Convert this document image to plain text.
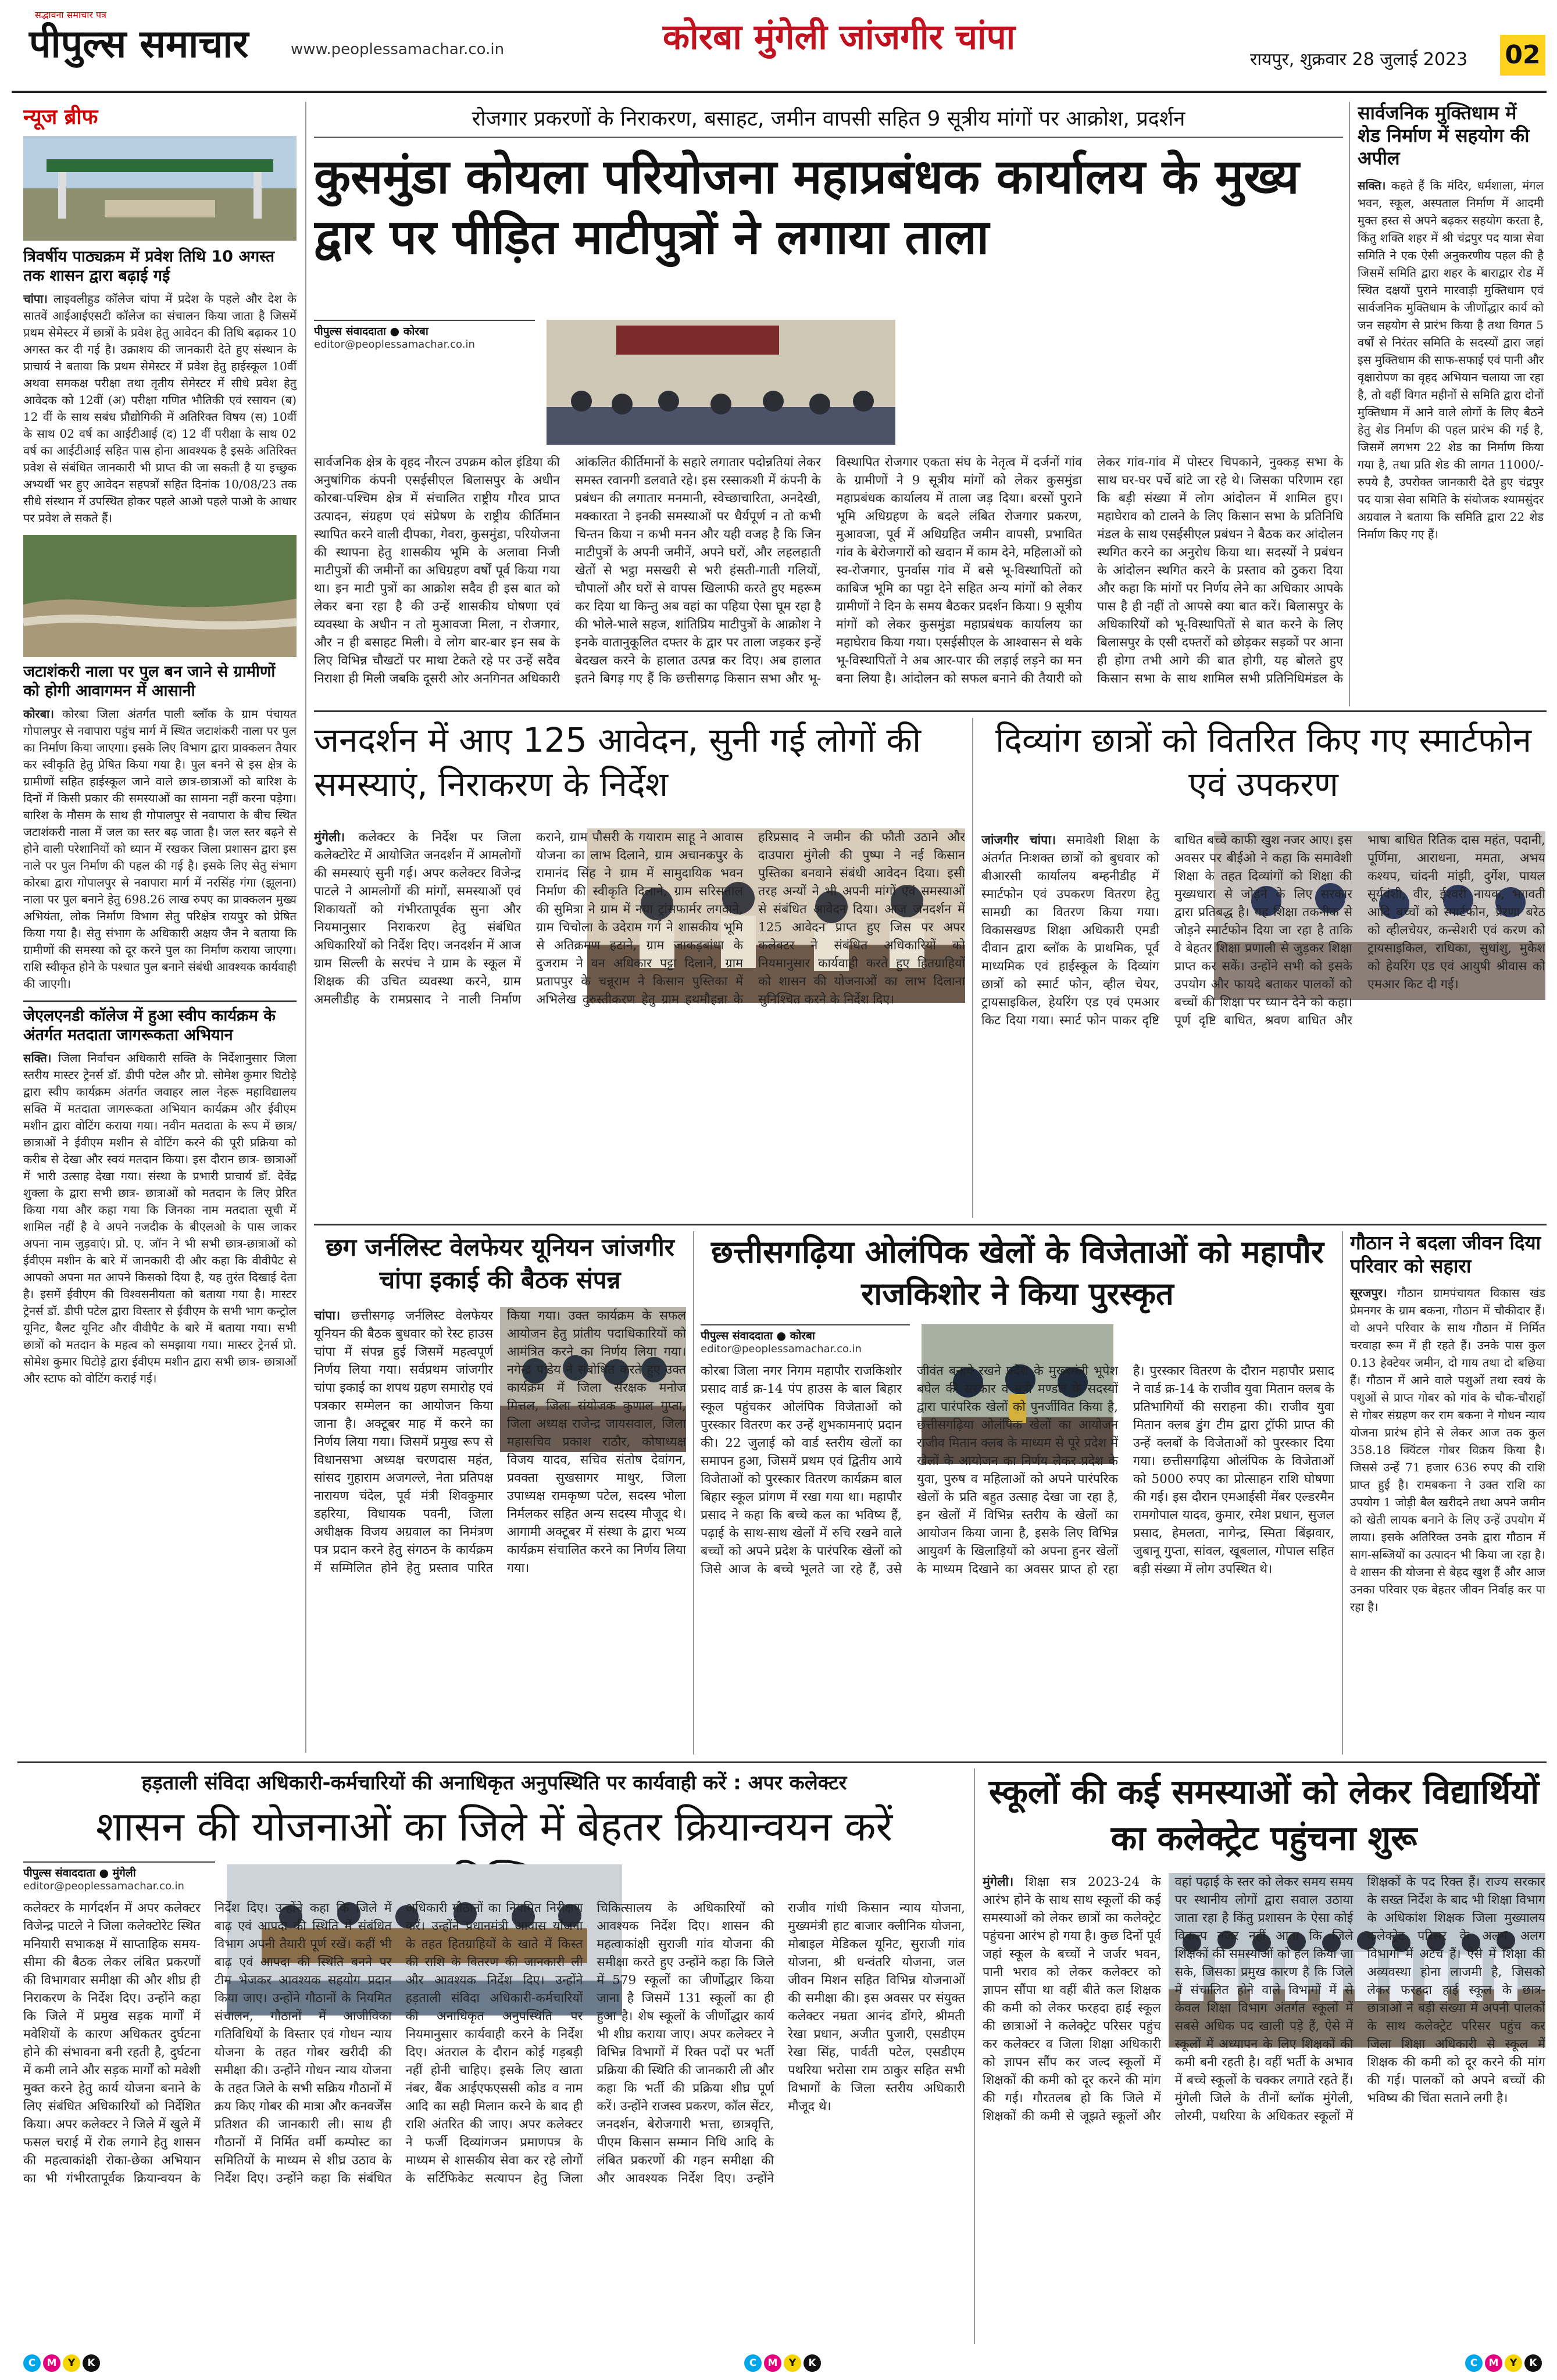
सद्भावना समाचार पत्र
पीपुल्स समाचार	www.peoplessamachar.co.in	कोरबा मुंगेली जांजगीर चांपा
रायपुर, शुक्रवार 28 जुलाई 2023 02
न्यूज ब्रीफ
त्रिवर्षीय पाठ्यक्रम में प्रवेश तिथि 10 अगस्त तक शासन द्वारा बढ़ाई गई
चांपा। लाइवलीहुड कॉलेज चांपा में प्रदेश के पहले और देश के सातवें आईआईएसटी कॉलेज का संचालन किया जाता है जिसमें प्रथम सेमेस्टर में छात्रों के प्रवेश हेतु आवेदन की तिथि बढ़ाकर 10 अगस्त कर दी गई है। उक्राशय की जानकारी देते हुए संस्थान के प्राचार्य ने बताया कि प्रथम सेमेस्टर में प्रवेश हेतु हाईस्कूल 10वीं अथवा समकक्ष परीक्षा तथा तृतीय सेमेस्टर में सीधे प्रवेश हेतु आवेदक को 12वीं (अ) परीक्षा गणित भौतिकी एवं रसायन (ब) 12 वीं के साथ सबंध प्रौद्योगिकी में अतिरिक्त विषय (स) 10वीं के साथ 02 वर्ष का आईटीआई (द) 12 वीं परीक्षा के साथ 02 वर्ष का आईटीआई सहित पास होना आवश्यक है इसके अतिरिक्त प्रवेश से संबंधित जानकारी भी प्राप्त की जा सकती है या इच्छुक अभ्यर्थी भर हुए आवेदन सहपत्रों सहित दिनांक 10/08/23 तक सीधे संस्थान में उपस्थित होकर पहले आओ पहले पाओ के आधार पर प्रवेश ले सकते हैं।
जटाशंकरी नाला पर पुल बन जाने से ग्रामीणों को होगी आवागमन में आसानी
कोरबा। कोरबा जिला अंतर्गत पाली ब्लॉक के ग्राम पंचायत गोपालपुर से नवापारा पहुंच मार्ग में स्थित जटाशंकरी नाला पर पुल का निर्माण किया जाएगा। इसके लिए विभाग द्वारा प्राक्कलन तैयार कर स्वीकृति हेतु प्रेषित किया गया है। पुल बनने से इस क्षेत्र के ग्रामीणों सहित हाईस्कूल जाने वाले छात्र-छात्राओं को बारिश के दिनों में किसी प्रकार की समस्याओं का सामना नहीं करना पड़ेगा। बारिश के मौसम के साथ ही गोपालपुर से नवापारा के बीच स्थित जटाशंकरी नाला में जल का स्तर बढ़ जाता है। जल स्तर बढ़ने से होने वाली परेशानियों को ध्यान में रखकर जिला प्रशासन द्वारा इस नाले पर पुल निर्माण की पहल की गई है। इसके लिए सेतु संभाग कोरबा द्वारा गोपालपुर से नवापारा मार्ग में नरसिंह गंगा (झूलना) नाला पर पुल बनाने हेतु 698.26 लाख रुपए का प्राक्कलन मुख्य अभियंता, लोक निर्माण विभाग सेतु परिक्षेत्र रायपुर को प्रेषित किया गया है। सेतु संभाग के अधिकारी अक्षय जैन ने बताया कि ग्रामीणों की समस्या को दूर करने पुल का निर्माण कराया जाएगा। राशि स्वीकृत होने के पश्चात पुल बनाने संबंधी आवश्यक कार्यवाही की जाएगी।
जेएलएनडी कॉलेज में हुआ स्वीप कार्यक्रम के अंतर्गत मतदाता जागरूकता अभियान
सक्ति। जिला निर्वाचन अधिकारी सक्ति के निर्देशानुसार जिला स्तरीय मास्टर ट्रेनर्स डॉ. डीपी पटेल और प्रो. सोमेश कुमार घिटोड़े द्वारा स्वीप कार्यक्रम अंतर्गत जवाहर लाल नेहरू महाविद्यालय सक्ति में मतदाता जागरूकता अभियान कार्यक्रम और ईवीएम मशीन द्वारा वोटिंग कराया गया। नवीन मतदाता के रूप में छात्र/ छात्राओं ने ईवीएम मशीन से वोटिंग करने की पूरी प्रक्रिया को करीब से देखा और स्वयं मतदान किया। इस दौरान छात्र- छात्राओं में भारी उत्साह देखा गया। संस्था के प्रभारी प्राचार्य डॉ. देवेंद्र शुक्ला के द्वारा सभी छात्र- छात्राओं को मतदान के लिए प्रेरित किया गया और कहा गया कि जिनका नाम मतदाता सूची में शामिल नहीं है वे अपने नजदीक के बीएलओ के पास जाकर अपना नाम जुड़वाएं। प्रो. ए. जॉन ने भी सभी छात्र-छात्राओं को ईवीएम मशीन के बारे में जानकारी दी और कहा कि वीवीपैट से आपको अपना मत आपने किसको दिया है, यह तुरंत दिखाई देता है। इसमें ईवीएम की विश्वसनीयता को बताया गया है। मास्टर ट्रेनर्स डॉ. डीपी पटेल द्वारा विस्तार से ईवीएम के सभी भाग कन्ट्रोल यूनिट, बैलट यूनिट और वीवीपैट के बारे में बताया गया। सभी छात्रों को मतदान के महत्व को समझाया गया। मास्टर ट्रेनर्स प्रो. सोमेश कुमार घिटोड़े द्वारा ईवीएम मशीन द्वारा सभी छात्र- छात्राओं और स्टाफ को वोटिंग कराई गई।
रोजगार प्रकरणों के निराकरण, बसाहट, जमीन वापसी सहित 9 सूत्रीय मांगों पर आक्रोश, प्रदर्शन
कुसमुंडा कोयला परियोजना महाप्रबंधक कार्यालय के मुख्य द्वार पर पीड़ित माटीपुत्रों ने लगाया ताला
पीपुल्स संवाददाता ● कोरबा
editor@peoplessamachar.co.in
सार्वजनिक क्षेत्र के वृहद नौरत्न उपक्रम कोल इंडिया की अनुषांगिक कंपनी एसईसीएल बिलासपुर के अधीन कोरबा-पश्चिम क्षेत्र में संचालित राष्ट्रीय गौरव प्राप्त उत्पादन, संग्रहण एवं संप्रेषण के राष्ट्रीय कीर्तिमान स्थापित करने वाली दीपका, गेवरा, कुसमुंडा, परियोजना की स्थापना हेतु शासकीय भूमि के अलावा निजी माटीपुत्रों की जमीनों का अधिग्रहण वर्षों पूर्व किया गया था। इन माटी पुत्रों का आक्रोश सदैव ही इस बात को लेकर बना रहा है की उन्हें शासकीय घोषणा एवं व्यवस्था के अधीन न तो मुआवजा मिला, न रोजगार, और न ही बसाहट मिली। वे लोग बार-बार इन सब के लिए विभिन्न चौखटों पर माथा टेकते रहे पर उन्हें सदैव निराशा ही मिली जबकि दूसरी ओर अनगिनत अधिकारी आंकलित कीर्तिमानों के सहारे लगातार पदोन्नतियां लेकर समस्त रवानगी डलवाते रहे। इस रस्साकशी में कंपनी के प्रबंधन की लगातार मनमानी, स्वेच्छाचारिता, अनदेखी, मक्कारता ने इनकी समस्याओं पर धैर्यपूर्ण न तो कभी चिन्तन किया न कभी मनन और यही वजह है कि जिन माटीपुत्रों के अपनी जमीनें, अपने घरों, और लहलहाती खेतों से भट्ठा मसखरी से भरी हंसती-गाती गलियों, चौपालों और घरों से वापस खिलाफी करते हुए महरूम कर दिया था किन्तु अब वहां का पहिया ऐसा घूम रहा है की भोले-भाले सहज, शांतिप्रिय माटीपुत्रों के आक्रोश ने इनके वातानुकूलित दफ्तर के द्वार पर ताला जड़कर इन्हें बेदखल करने के हालात उत्पन्न कर दिए। अब हालात इतने बिगड़ गए हैं कि छत्तीसगढ़ किसान सभा और भू-विस्थापित रोजगार एकता संघ के नेतृत्व में दर्जनों गांव के ग्रामीणों ने 9 सूत्रीय मांगों को लेकर कुसमुंडा महाप्रबंधक कार्यालय में ताला जड़ दिया। बरसों पुराने भूमि अधिग्रहण के बदले लंबित रोजगार प्रकरण, मुआवजा, पूर्व में अधिग्रहित जमीन वापसी, प्रभावित गांव के बेरोजगारों को खदान में काम देने, महिलाओं को स्व-रोजगार, पुनर्वास गांव में बसे भू-विस्थापितों को काबिज भूमि का पट्टा देने सहित अन्य मांगों को लेकर ग्रामीणों ने दिन के समय बैठकर प्रदर्शन किया। 9 सूत्रीय मांगों को लेकर कुसमुंडा महाप्रबंधक कार्यालय का महाघेराव किया गया। एसईसीएल के आश्वासन से थके भू-विस्थापितों ने अब आर-पार की लड़ाई लड़ने का मन बना लिया है। आंदोलन को सफल बनाने की तैयारी को लेकर गांव-गांव में पोस्टर चिपकाने, नुक्कड़ सभा के साथ घर-घर पर्चे बांटे जा रहे थे। जिसका परिणाम रहा कि बड़ी संख्या में लोग आंदोलन में शामिल हुए। महाघेराव को टालने के लिए किसान सभा के प्रतिनिधि मंडल के साथ एसईसीएल प्रबंधन ने बैठक कर आंदोलन स्थगित करने का अनुरोध किया था। सदस्यों ने प्रबंधन के आंदोलन स्थगित करने के प्रस्ताव को ठुकरा दिया और कहा कि मांगों पर निर्णय लेने का अधिकार आपके पास है ही नहीं तो आपसे क्या बात करें। बिलासपुर के अधिकारियों को भू-विस्थापितों से बात करने के लिए बिलासपुर के एसी दफ्तरों को छोड़कर सड़कों पर आना ही होगा तभी आगे की बात होगी, यह बोलते हुए किसान सभा के साथ शामिल सभी प्रतिनिधिमंडल के
सार्वजनिक मुक्तिधाम में शेड निर्माण में सहयोग की अपील
सक्ति। कहते हैं कि मंदिर, धर्मशाला, मंगल भवन, स्कूल, अस्पताल निर्माण में आदमी मुक्त हस्त से अपने बढ़कर सहयोग करता है, किंतु शक्ति शहर में श्री चंद्रपुर पद यात्रा सेवा समिति ने एक ऐसी अनुकरणीय पहल की है जिसमें समिति द्वारा शहर के बाराद्वार रोड में स्थित दक्षयों पुराने मारवाड़ी मुक्तिधाम एवं सार्वजनिक मुक्तिधाम के जीर्णोद्धार कार्य को जन सहयोग से प्रारंभ किया है तथा विगत 5 वर्षों से निरंतर समिति के सदस्यों द्वारा जहां इस मुक्तिधाम की साफ-सफाई एवं पानी और वृक्षारोपण का वृहद अभियान चलाया जा रहा है, तो वहीं विगत महीनों से समिति द्वारा दोनों मुक्तिधाम में आने वाले लोगों के लिए बैठने हेतु शेड निर्माण की पहल प्रारंभ की गई है, जिसमें लगभग 22 शेड का निर्माण किया गया है, तथा प्रति शेड की लागत 11000/-रुपये है, उपरोक्त जानकारी देते हुए चंद्रपुर पद यात्रा सेवा समिति के संयोजक श्यामसुंदर अग्रवाल ने बताया कि समिति द्वारा 22 शेड निर्माण किए गए हैं।
जनदर्शन में आए 125 आवेदन, सुनी गई लोगों की समस्याएं, निराकरण के निर्देश
मुंगेली। कलेक्टर के निर्देश पर जिला कलेक्टोरेट में आयोजित जनदर्शन में आमलोगों की समस्याएं सुनी गई। अपर कलेक्टर विजेन्द्र पाटले ने आमलोगों की मांगों, समस्याओं एवं शिकायतों को गंभीरतापूर्वक सुना और नियमानुसार निराकरण हेतु संबंधित अधिकारियों को निर्देश दिए। जनदर्शन में आज ग्राम सिल्ली के सरपंच ने ग्राम के स्कूल में शिक्षक की उचित व्यवस्था करने, ग्राम अमलीडीह के रामप्रसाद ने नाली निर्माण कराने, ग्राम पौसरी के गयाराम साहू ने आवास योजना का लाभ दिलाने, ग्राम अचानकपुर के रामानंद सिंह ने ग्राम में सामुदायिक भवन निर्माण की स्वीकृति दिलाने, ग्राम सरिसताल की सुमित्रा ने ग्राम में नया ट्रांसफार्मर लगवाने, ग्राम चिचोला के उदेराम गर्ग ने शासकीय भूमि से अतिक्रमण हटाने, ग्राम जाकड़बांधा के दुजराम ने वन अधिकार पट्टा दिलाने, ग्राम प्रतापपुर के चन्नूराम ने किसान पुस्तिका में अभिलेख दुरुस्तीकरण हेतु ग्राम हथमौहन्ना के हरिप्रसाद ने जमीन की फौती उठाने और दाउपारा मुंगेली की पुष्पा ने नई किसान पुस्तिका बनवाने संबंधी आवेदन दिया। इसी तरह अन्यों ने भी अपनी मांगों एवं समस्याओं से संबंधित आवेदन दिया। आज जनदर्शन में 125 आवेदन प्राप्त हुए जिस पर अपर कलेक्टर ने संबंधित अधिकारियों को नियमानुसार कार्यवाही करते हुए हितग्राहियों को शासन की योजनाओं का लाभ दिलाना सुनिश्चित करने के निर्देश दिए।
दिव्यांग छात्रों को वितरित किए गए स्मार्टफोन एवं उपकरण
जांजगीर चांपा। समावेशी शिक्षा के अंतर्गत निःशक्त छात्रों को बुधवार को बीआरसी कार्यालय बम्हनीडीह में स्मार्टफोन एवं उपकरण वितरण हेतु सामग्री का वितरण किया गया। विकासखण्ड शिक्षा अधिकारी एमडी दीवान द्वारा ब्लॉक के प्राथमिक, पूर्व माध्यमिक एवं हाईस्कूल के दिव्यांग छात्रों को स्मार्ट फोन, व्हील चेयर, ट्रायसाइकिल, हेयरिंग एड एवं एमआर किट दिया गया। स्मार्ट फोन पाकर दृष्टि बाधित बच्चे काफी खुश नजर आए। इस अवसर पर बीईओ ने कहा कि समावेशी शिक्षा के तहत दिव्यांगों को शिक्षा की मुख्यधारा से जोड़ने के लिए सरकार द्वारा प्रतिबद्ध है। यह शिक्षा तकनीक से जोड़ने स्मार्टफोन दिया जा रहा है ताकि वे बेहतर शिक्षा प्रणाली से जुड़कर शिक्षा प्राप्त कर सकें। उन्होंने सभी को इसके उपयोग और फायदे बताकर पालकों को बच्चों की शिक्षा पर ध्यान देने को कहा। पूर्ण दृष्टि बाधित, श्रवण बाधित और भाषा बाधित रितिक दास महंत, पदानी, पूर्णिमा, आराधना, ममता, अभय कश्यप, चांदनी मांझी, दुर्गेश, पायल सूर्यवंशी, वीर, ईश्वरी नायक, भगवती आदि बच्चों को स्मार्टफोन, प्रेरणा बरेठ को व्हीलचेयर, कन्सेशरी एवं करण को ट्रायसाइकिल, राधिका, सुधांशु, मुकेश को हेयरिंग एड एवं आयुषी श्रीवास को एमआर किट दी गई।
छग जर्नलिस्ट वेलफेयर यूनियन जांजगीर चांपा इकाई की बैठक संपन्न
चांपा। छत्तीसगढ़ जर्नलिस्ट वेलफेयर यूनियन की बैठक बुधवार को रेस्ट हाउस चांपा में संपन्न हुई जिसमें महत्वपूर्ण निर्णय लिया गया। सर्वप्रथम जांजगीर चांपा इकाई का शपथ ग्रहण समारोह एवं पत्रकार सम्मेलन का आयोजन किया जाना है। अक्टूबर माह में करने का निर्णय लिया गया। जिसमें प्रमुख रूप से विधानसभा अध्यक्ष चरणदास महंत, सांसद गुहाराम अजगल्ले, नेता प्रतिपक्ष नारायण चंदेल, पूर्व मंत्री शिवकुमार डहरिया, विधायक पवनी, जिला अधीक्षक विजय अग्रवाल का निमंत्रण पत्र प्रदान करने हेतु संगठन के कार्यक्रम में सम्मिलित होने हेतु प्रस्ताव पारित किया गया। उक्त कार्यक्रम के सफल आयोजन हेतु प्रांतीय पदाधिकारियों को आमंत्रित करने का निर्णय लिया गया। नगेन्द्र पांडेय ने संबोधित करते हुए उक्त कार्यक्रम में जिला संरक्षक मनोज मित्तल, जिला संयोजक कुणाल गुप्ता, जिला अध्यक्ष राजेन्द्र जायसवाल, जिला महासचिव प्रकाश राठौर, कोषाध्यक्ष विजय यादव, सचिव संतोष देवांगन, प्रवक्ता सुखसागर माथुर, जिला उपाध्यक्ष रामकृष्ण पटेल, सदस्य भोला निर्मलकर सहित अन्य सदस्य मौजूद थे। आगामी अक्टूबर में संस्था के द्वारा भव्य कार्यक्रम संचालित करने का निर्णय लिया गया।
छत्तीसगढ़िया ओलंपिक खेलों के विजेताओं को महापौर राजकिशोर ने किया पुरस्कृत
पीपुल्स संवाददाता ● कोरबा
editor@peoplessamachar.co.in
कोरबा जिला नगर निगम महापौर राजकिशोर प्रसाद वार्ड क्र-14 पंप हाउस के बाल बिहार स्कूल पहुंचकर ओलंपिक विजेताओं को पुरस्कार वितरण कर उन्हें शुभकामनाएं प्रदान की। 22 जुलाई को वार्ड स्तरीय खेलों का समापन हुआ, जिसमें प्रथम एवं द्वितीय आये विजेताओं को पुरस्कार वितरण कार्यक्रम बाल बिहार स्कूल प्रांगण में रखा गया था। महापौर प्रसाद ने कहा कि बच्चे कल का भविष्य हैं, पढ़ाई के साथ-साथ खेलों में रुचि रखने वाले बच्चों को अपने प्रदेश के पारंपरिक खेलों को जिसे आज के बच्चे भूलते जा रहे हैं, उसे जीवंत बनाये रखने प्रदेश के मुख्यमंत्री भूपेश बघेल की सरकार व मंत्री मण्डल के सदस्यों द्वारा पारंपरिक खेलों को पुनर्जीवित किया है, छत्तीसगढ़िया ओलंपिक खेलों का आयोजन राजीव मितान क्लब के माध्यम से पूरे प्रदेश में खेलों के आयोजन का निर्णय लेकर प्रदेश के युवा, पुरुष व महिलाओं को अपने पारंपरिक खेलों के प्रति बहुत उत्साह देखा जा रहा है, इन खेलों में विभिन्न स्तरीय के खेलों का आयोजन किया जाना है, इसके लिए विभिन्न आयुवर्ग के खिलाड़ियों को अपना हुनर खेलों के माध्यम दिखाने का अवसर प्राप्त हो रहा है। पुरस्कार वितरण के दौरान महापौर प्रसाद ने वार्ड क्र-14 के राजीव युवा मितान क्लब के प्रतिभागियों की सराहना की। राजीव युवा मितान क्लब डुंग टीम द्वारा ट्रॉफी प्राप्त की उन्हें क्लबों के विजेताओं को पुरस्कार दिया गया। छत्तीसगढ़िया ओलंपिक के विजेताओं को 5000 रुपए का प्रोत्साहन राशि घोषणा की गई। इस दौरान एमआईसी मेंबर एल्डरमैन रामगोपाल यादव, कुमार, रमेश प्रधान, सुजल प्रसाद, हेमलता, नागेन्द्र, स्मिता बिंझवार, जुबानू गुप्ता, सांवल, खूबलाल, गोपाल सहित बड़ी संख्या में लोग उपस्थित थे।
गौठान ने बदला जीवन दिया परिवार को सहारा
सूरजपुर। गौठान ग्रामपंचायत विकास खंड प्रेमनगर के ग्राम बकना, गौठान में चौकीदार हैं। वो अपने परिवार के साथ गौठान में निर्मित चरवाहा रूम में ही रहते हैं। उनके पास कुल 0.13 हेक्टेयर जमीन, दो गाय तथा दो बछिया हैं। गौठान में आने वाले पशुओं तथा स्वयं के पशुओं से प्राप्त गोबर को गांव के चौक-चौराहों से गोबर संग्रहण कर राम बकना ने गोधन न्याय योजना प्रारंभ होने से लेकर आज तक कुल 358.18 क्विंटल गोबर विक्रय किया है। जिससे उन्हें 71 हजार 636 रुपए की राशि प्राप्त हुई है। रामबकना ने उक्त राशि का उपयोग 1 जोड़ी बैल खरीदने तथा अपने जमीन को खेती लायक बनाने के लिए उन्हें उपयोग में लाया। इसके अतिरिक्त उनके द्वारा गौठान में साग-सब्जियों का उत्पादन भी किया जा रहा है। वे शासन की योजना से बेहद खुश हैं और आज उनका परिवार एक बेहतर जीवन निर्वाह कर पा रहा है।
हड़ताली संविदा अधिकारी-कर्मचारियों की अनाधिकृत अनुपस्थिति पर कार्यवाही करें : अपर कलेक्टर
शासन की योजनाओं का जिले में बेहतर क्रियान्वयन करें
पीपुल्स संवाददाता ● मुंगेली
editor@peoplessamachar.co.in
कलेक्टर के मार्गदर्शन में अपर कलेक्टर विजेन्द्र पाटले ने जिला कलेक्टोरेट स्थित मनियारी सभाकक्ष में साप्ताहिक समय-सीमा की बैठक लेकर लंबित प्रकरणों की विभागवार समीक्षा की और शीघ्र ही निराकरण के निर्देश दिए। उन्होंने कहा कि जिले में प्रमुख सड़क मार्गों में मवेशियों के कारण अधिकतर दुर्घटना होने की संभावना बनी रहती है, दुर्घटना में कमी लाने और सड़क मार्गों को मवेशी मुक्त करने हेतु कार्य योजना बनाने के लिए संबंधित अधिकारियों को निर्देशित किया। अपर कलेक्टर ने जिले में खुले में फसल चराई में रोक लगाने हेतु शासन की महत्वाकांक्षी रोका-छेका अभियान का भी गंभीरतापूर्वक क्रियान्वयन के निर्देश दिए। उन्होंने कहा कि जिले में बाढ़ एवं आपदा की स्थिति में संबंधित विभाग अपनी तैयारी पूर्ण रखें। कहीं भी बाढ़ एवं आपदा की स्थिति बनने पर टीम भेजकर आवश्यक सहयोग प्रदान किया जाए। उन्होंने गौठानों के नियमित संचालन, गौठानों में आजीविका गतिविधियों के विस्तार एवं गोधन न्याय योजना के तहत गोबर खरीदी की समीक्षा की। उन्होंने गोधन न्याय योजना के तहत जिले के सभी सक्रिय गौठानों में क्रय किए गोबर की मात्रा और कनवर्जेंस प्रतिशत की जानकारी ली। साथ ही गौठानों में निर्मित वर्मी कम्पोस्ट का समितियों के माध्यम से शीघ्र उठाव के निर्देश दिए। उन्होंने कहा कि संबंधित अधिकारी गौठानों का नियमित निरीक्षण करें। उन्होंने प्रधानमंत्री आवास योजना के तहत हितग्राहियों के खाते में किस्त की राशि के वितरण की जानकारी ली और आवश्यक निर्देश दिए। उन्होंने हड़ताली संविदा अधिकारी-कर्मचारियों की अनाधिकृत अनुपस्थिति पर नियमानुसार कार्यवाही करने के निर्देश दिए। अंतराल के दौरान कोई गड़बड़ी नहीं होनी चाहिए। इसके लिए खाता नंबर, बैंक आईएफएससी कोड व नाम आदि का सही मिलान करने के बाद ही राशि अंतरित की जाए। अपर कलेक्टर ने फर्जी दिव्यांगजन प्रमाणपत्र के माध्यम से शासकीय सेवा कर रहे लोगों के सर्टिफिकेट सत्यापन हेतु जिला चिकित्सालय के अधिकारियों को आवश्यक निर्देश दिए। शासन की महत्वाकांक्षी सुराजी गांव योजना की समीक्षा करते हुए उन्होंने कहा कि जिले में 579 स्कूलों का जीर्णोद्धार किया जाना है जिसमें 131 स्कूलों का ही हुआ है। शेष स्कूलों के जीर्णोद्धार कार्य भी शीघ्र कराया जाए। अपर कलेक्टर ने विभिन्न विभागों में रिक्त पदों पर भर्ती प्रक्रिया की स्थिति की जानकारी ली और कहा कि भर्ती की प्रक्रिया शीघ्र पूर्ण करें। उन्होंने राजस्व प्रकरण, कॉल सेंटर, जनदर्शन, बेरोजगारी भत्ता, छात्रवृत्ति, पीएम किसान सम्मान निधि आदि के लंबित प्रकरणों की गहन समीक्षा की और आवश्यक निर्देश दिए। उन्होंने राजीव गांधी किसान न्याय योजना, मुख्यमंत्री हाट बाजार क्लीनिक योजना, मोबाइल मेडिकल यूनिट, सुराजी गांव योजना, श्री धन्वंतरि योजना, जल जीवन मिशन सहित विभिन्न योजनाओं की समीक्षा की। इस अवसर पर संयुक्त कलेक्टर नम्रता आनंद डोंगरे, श्रीमती रेखा प्रधान, अजीत पुजारी, एसडीएम रेखा सिंह, पार्वती पटेल, एसडीएम पथरिया भरोसा राम ठाकुर सहित सभी विभागों के जिला स्तरीय अधिकारी मौजूद थे।
स्कूलों की कई समस्याओं को लेकर विद्यार्थियों का कलेक्ट्रेट पहुंचना शुरू
मुंगेली। शिक्षा सत्र 2023-24 के आरंभ होने के साथ साथ स्कूलों की कई समस्याओं को लेकर छात्रों का कलेक्ट्रेट पहुंचना आरंभ हो गया है। कुछ दिनों पूर्व जहां स्कूल के बच्चों ने जर्जर भवन, पानी भराव को लेकर कलेक्टर को ज्ञापन सौंपा था वहीं बीते कल शिक्षक की कमी को लेकर फरहदा हाई स्कूल की छात्राओं ने कलेक्ट्रेट परिसर पहुंच कर कलेक्टर व जिला शिक्षा अधिकारी को ज्ञापन सौंप कर जल्द स्कूलों में शिक्षकों की कमी को दूर करने की मांग की गई। गौरतलब हो कि जिले में शिक्षकों की कमी से जूझते स्कूलों और वहां पढ़ाई के स्तर को लेकर समय समय पर स्थानीय लोगों द्वारा सवाल उठाया जाता रहा है किंतु प्रशासन के ऐसा कोई विकल्प नजर नहीं आता कि जिले शिक्षकों की समस्याओं को हल किया जा सके, जिसका प्रमुख कारण है कि जिले में संचालित होने वाले विभागों में से केवल शिक्षा विभाग अंतर्गत स्कूलों में सबसे अधिक पद खाली पड़े हैं, ऐसे में स्कूलों में अध्यापन के लिए शिक्षकों की कमी बनी रहती है। वहीं भर्ती के अभाव में बच्चे स्कूलों के चक्कर लगाते रहते हैं। मुंगेली जिले के तीनों ब्लॉक मुंगेली, लोरमी, पथरिया के अधिकतर स्कूलों में शिक्षकों के पद रिक्त हैं। राज्य सरकार के सख्त निर्देश के बाद भी शिक्षा विभाग के अधिकांश शिक्षक जिला मुख्यालय कलेक्ट्रेट परिसर के अलग अलग विभागों में अटैच हैं। ऐसे में शिक्षा की अव्यवस्था होना लाजमी है, जिसको लेकर फरहदा हाई स्कूल के छात्र-छात्राओं ने बड़ी संख्या में अपनी पालकों के साथ कलेक्ट्रेट परिसर पहुंच कर जिला शिक्षा अधिकारी से स्कूल में शिक्षक की कमी को दूर करने की मांग की गई। पालकों को अपने बच्चों की भविष्य की चिंता सताने लगी है।
C	M	Y	K	C	M	Y	K	C	M	Y	K
